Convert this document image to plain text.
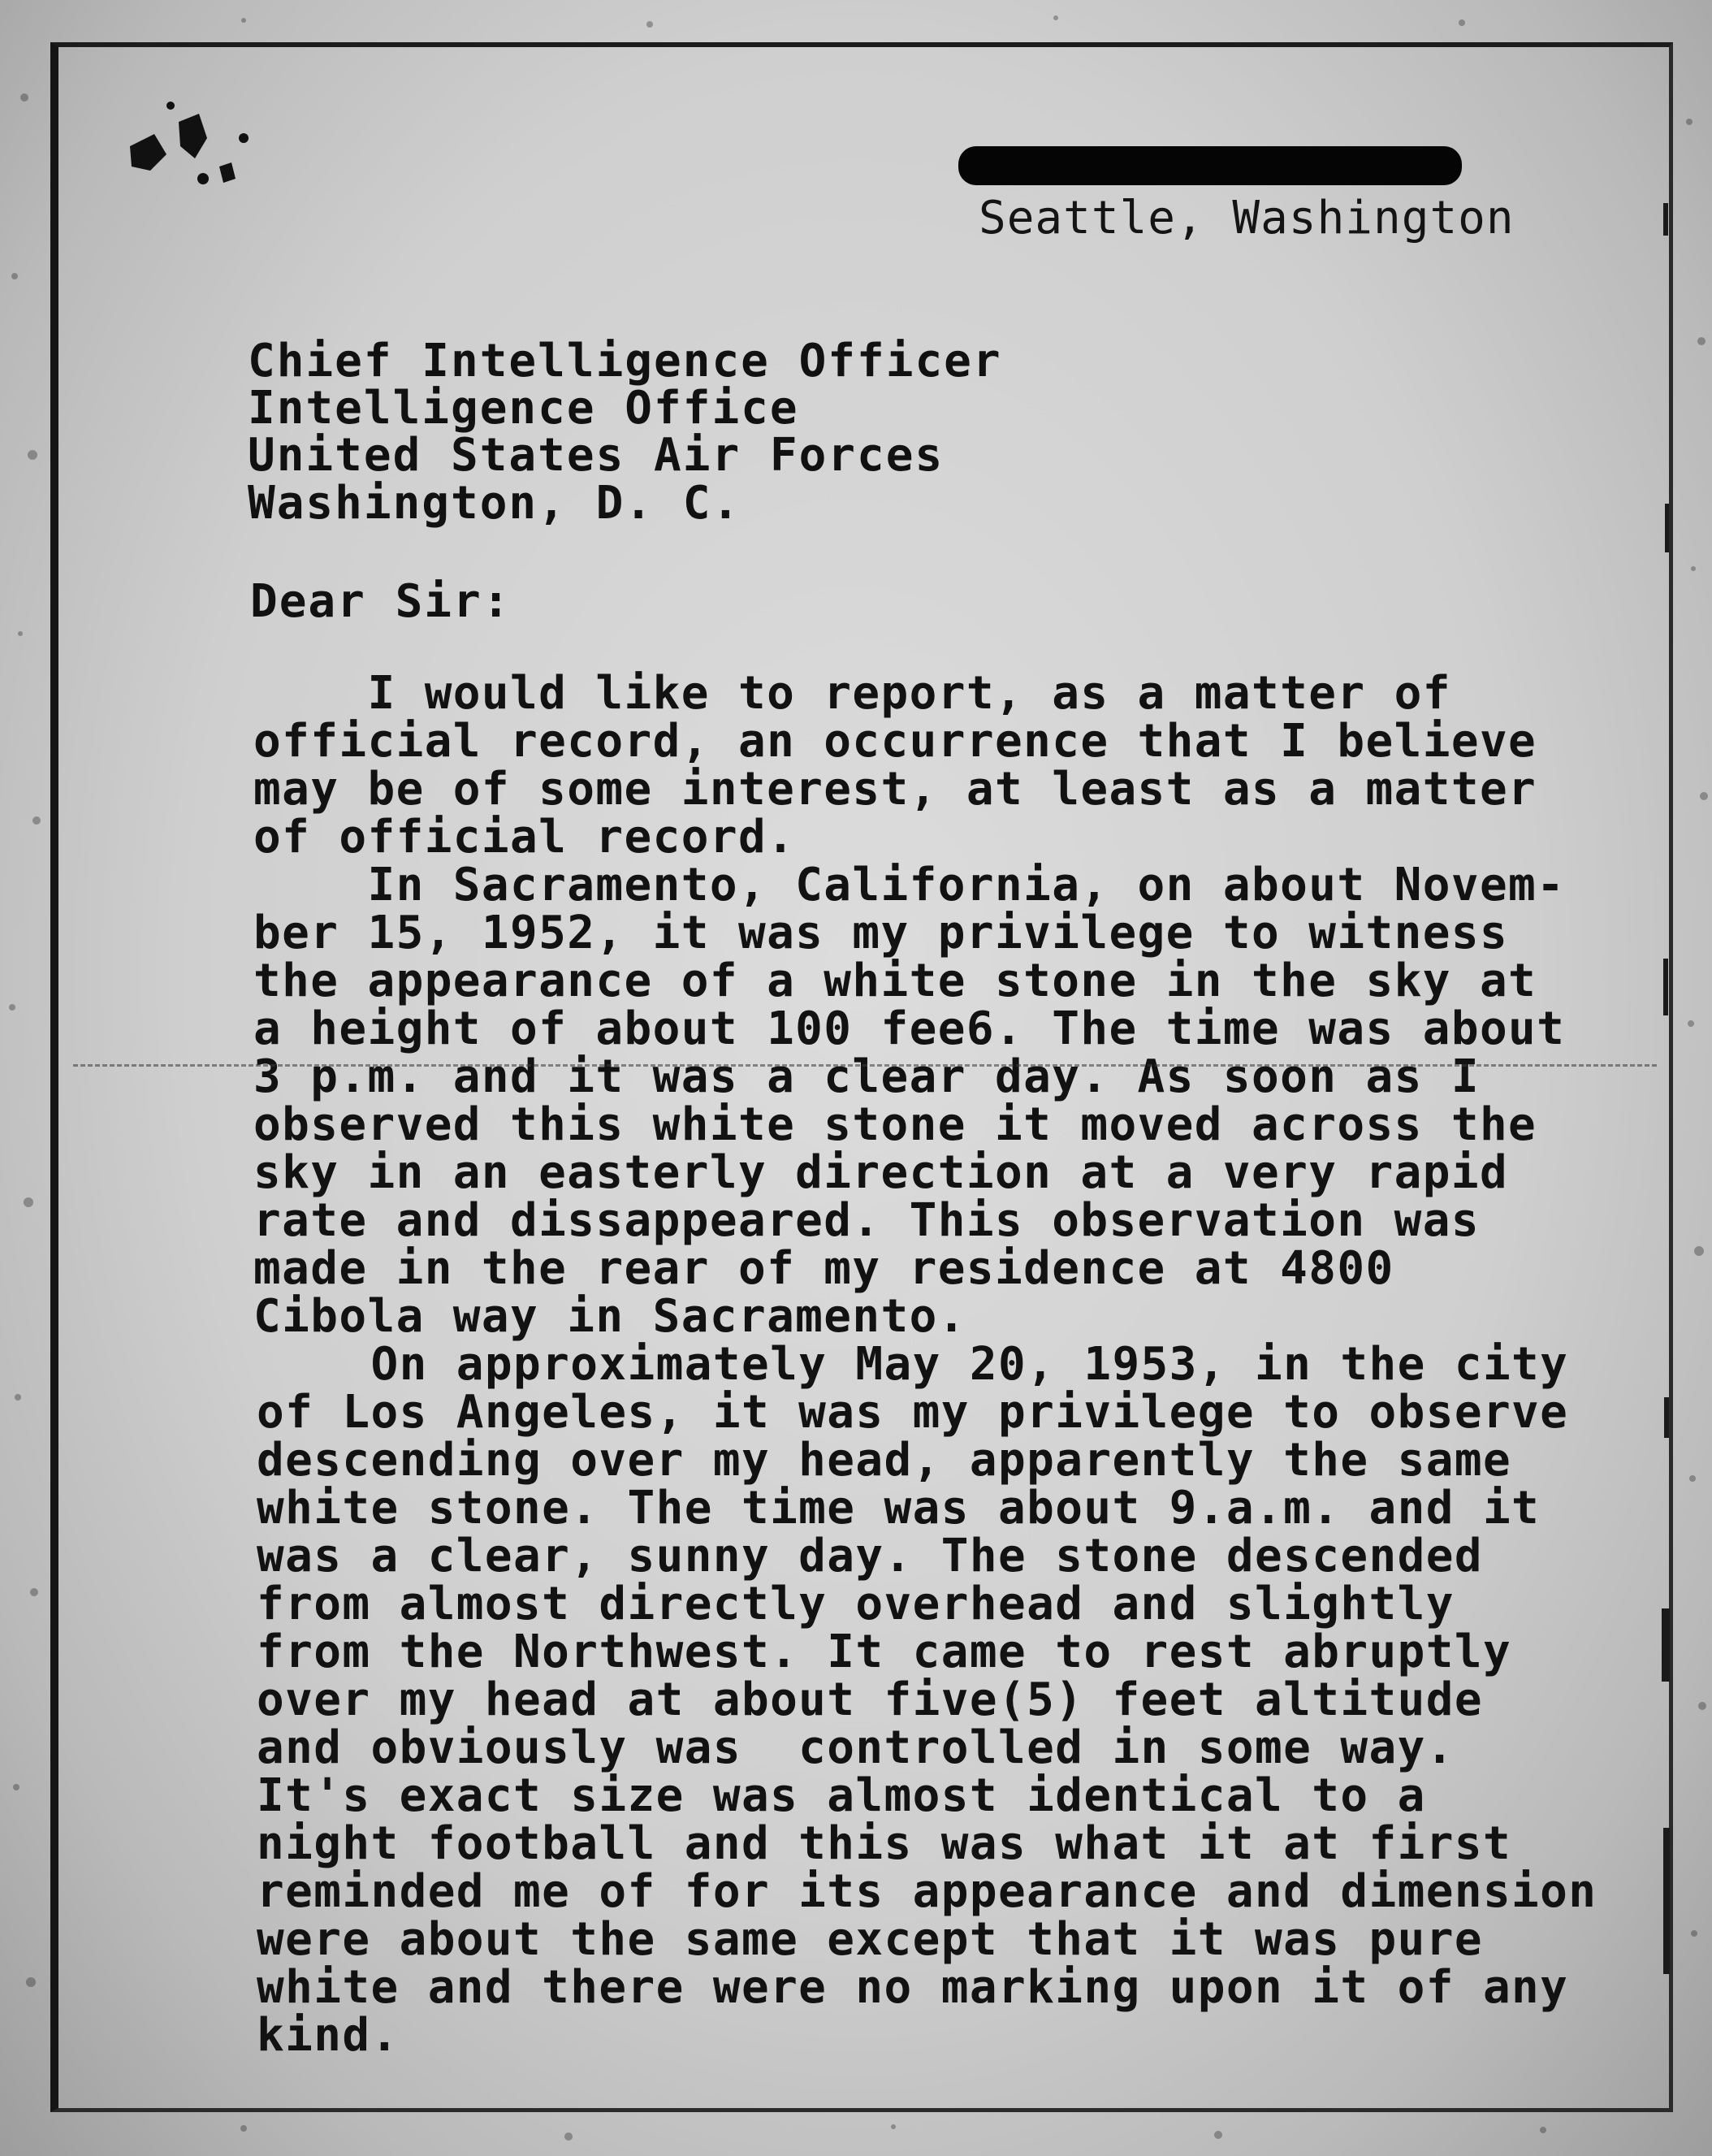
Seattle, Washington
Chief Intelligence Officer
Intelligence Office
United States Air Forces
Washington, D. C.
Dear Sir:
I would like to report, as a matter of
official record, an occurrence that I believe
may be of some interest, at least as a matter
of official record.
In Sacramento, California, on about Novem-
ber 15, 1952, it was my privilege to witness
the appearance of a white stone in the sky at
a height of about 100 fee6. The time was about
3 p.m. and it was a clear day. As soon as I
observed this white stone it moved across the
sky in an easterly direction at a very rapid
rate and dissappeared. This observation was
made in the rear of my residence at 4800
Cibola way in Sacramento.
On approximately May 20, 1953, in the city
of Los Angeles, it was my privilege to observe
descending over my head, apparently the same
white stone. The time was about 9.a.m. and it
was a clear, sunny day. The stone descended
from almost directly overhead and slightly
from the Northwest. It came to rest abruptly
over my head at about five(5) feet altitude
and obviously was  controlled in some way.
It's exact size was almost identical to a
night football and this was what it at first
reminded me of for its appearance and dimension
were about the same except that it was pure
white and there were no marking upon it of any
kind.
